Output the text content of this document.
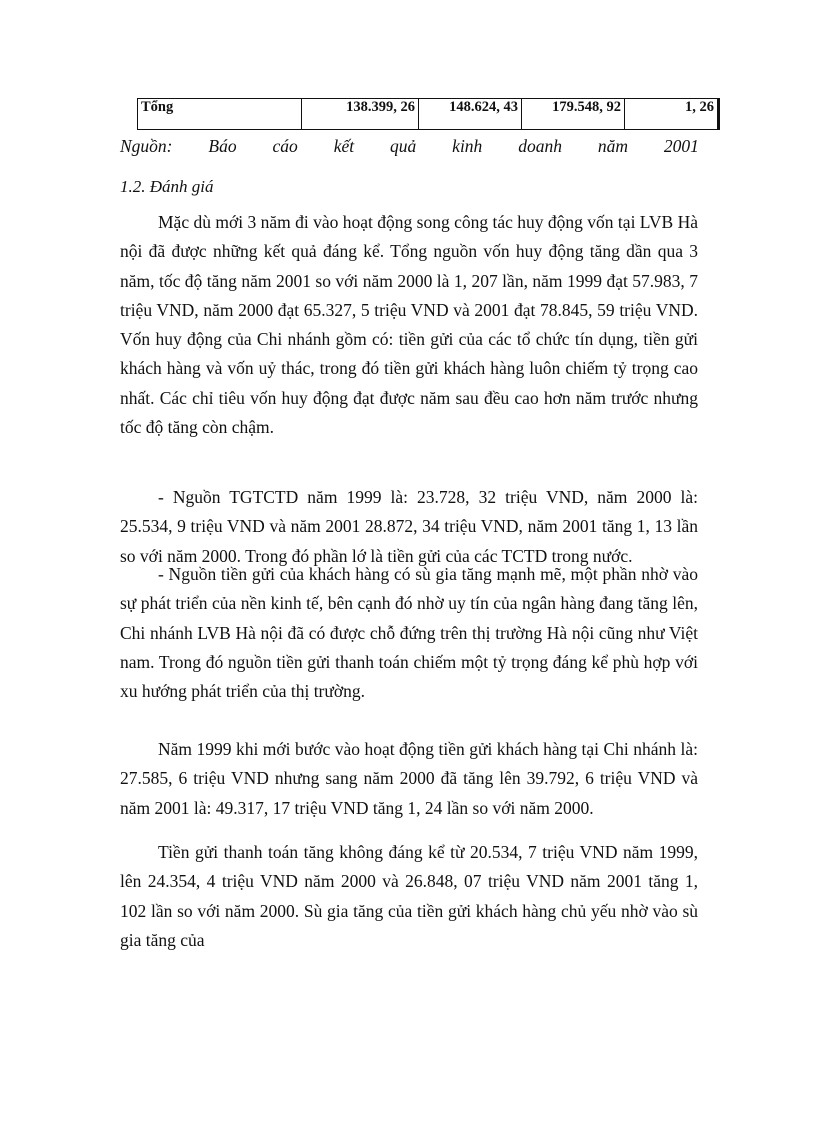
Tổng	138.399, 26	148.624, 43	179.548, 92	1, 26
Nguồn: Báo cáo kết quả kinh doanh năm 2001
1.2. Đánh giá

Mặc dù mới 3 năm đi vào hoạt động song công tác huy động vốn tại LVB Hà nội đã được những kết quả đáng kể. Tổng nguồn vốn huy động tăng dần qua 3 năm, tốc độ tăng năm 2001 so với năm 2000 là 1, 207 lần, năm 1999 đạt 57.983, 7 triệu VND, năm 2000 đạt 65.327, 5 triệu VND và 2001 đạt 78.845, 59 triệu VND. Vốn huy động của Chi nhánh gồm có: tiền gửi của các tổ chức tín dụng, tiền gửi khách hàng và vốn uỷ thác, trong đó tiền gửi khách hàng luôn chiếm tỷ trọng cao nhất. Các chỉ tiêu vốn huy động đạt được năm sau đều cao hơn năm trước nhưng tốc độ tăng còn chậm.

- Nguồn TGTCTD năm 1999 là: 23.728, 32 triệu VND, năm 2000 là: 25.534, 9 triệu VND và năm 2001 28.872, 34 triệu VND, năm 2001 tăng 1, 13 lần so với năm 2000. Trong đó phần lớ là tiền gửi của các TCTD trong nước.

- Nguồn tiền gửi của khách hàng có sù gia tăng mạnh mẽ, một phần nhờ vào sự phát triển của nền kinh tế, bên cạnh đó nhờ uy tín của ngân hàng đang tăng lên, Chi nhánh LVB Hà nội đã có được chỗ đứng trên thị trường Hà nội cũng như Việt nam. Trong đó nguồn tiền gửi thanh toán chiếm một tỷ trọng đáng kể phù hợp với xu hướng phát triển của thị trường.

Năm 1999 khi mới bước vào hoạt động tiền gửi khách hàng tại Chi nhánh là: 27.585, 6 triệu VND nhưng sang năm 2000 đã tăng lên 39.792, 6 triệu VND và năm 2001 là: 49.317, 17 triệu VND tăng 1, 24 lần so với năm 2000.

Tiền gửi thanh toán tăng không đáng kể từ 20.534, 7 triệu VND năm 1999, lên 24.354, 4 triệu VND năm 2000 và 26.848, 07 triệu VND năm 2001 tăng 1, 102 lần so với năm 2000. Sù gia tăng của tiền gửi khách hàng chủ yếu nhờ vào sù gia tăng của
